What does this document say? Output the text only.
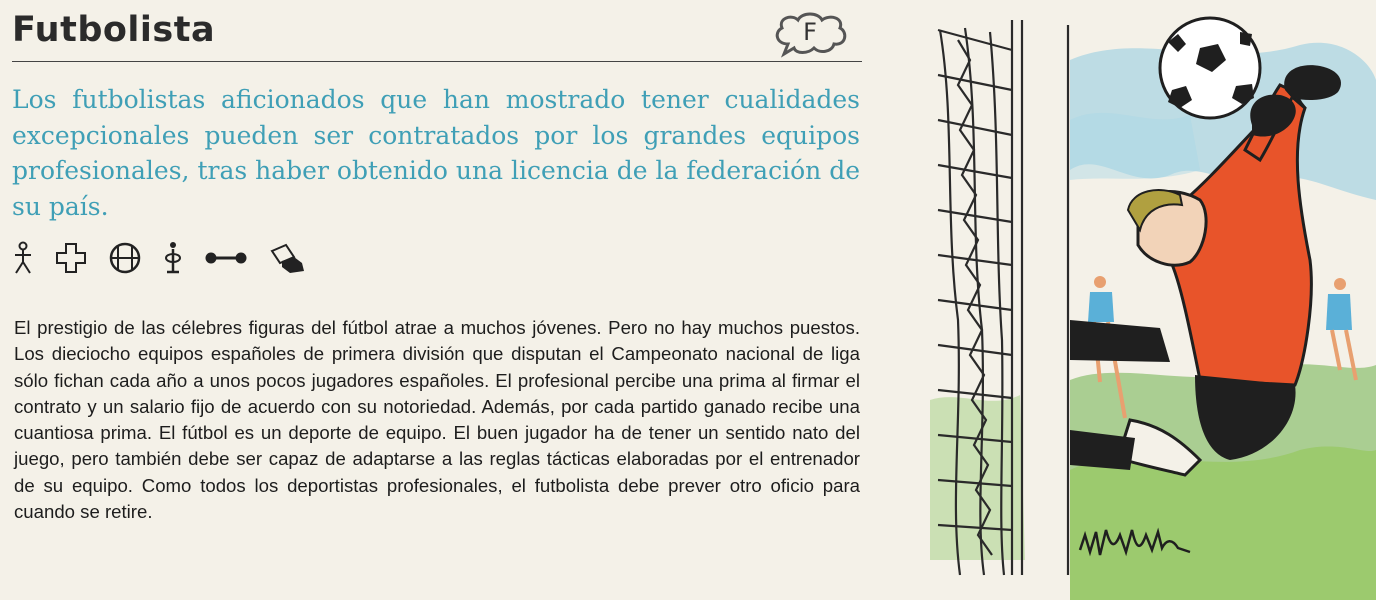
Futbolista	F
Los futbolistas aficionados que han mostrado tener cualidades excepcionales pueden ser contratados por los grandes equipos profesionales, tras haber obtenido una licencia de la federación de su país.
El prestigio de las célebres figuras del fútbol atrae a muchos jóvenes. Pero no hay muchos puestos. Los dieciocho equipos españoles de primera división que disputan el Campeonato nacional de liga sólo fichan cada año a unos pocos jugadores españoles. El profesional percibe una prima al firmar el contrato y un salario fijo de acuerdo con su notoriedad. Además, por cada partido ganado recibe una cuantiosa prima. El fútbol es un deporte de equipo. El buen jugador ha de tener un sentido nato del juego, pero también debe ser capaz de adaptarse a las reglas tácticas elaboradas por el entrenador de su equipo. Como todos los deportistas profesionales, el futbolista debe prever otro oficio para cuando se retire.
